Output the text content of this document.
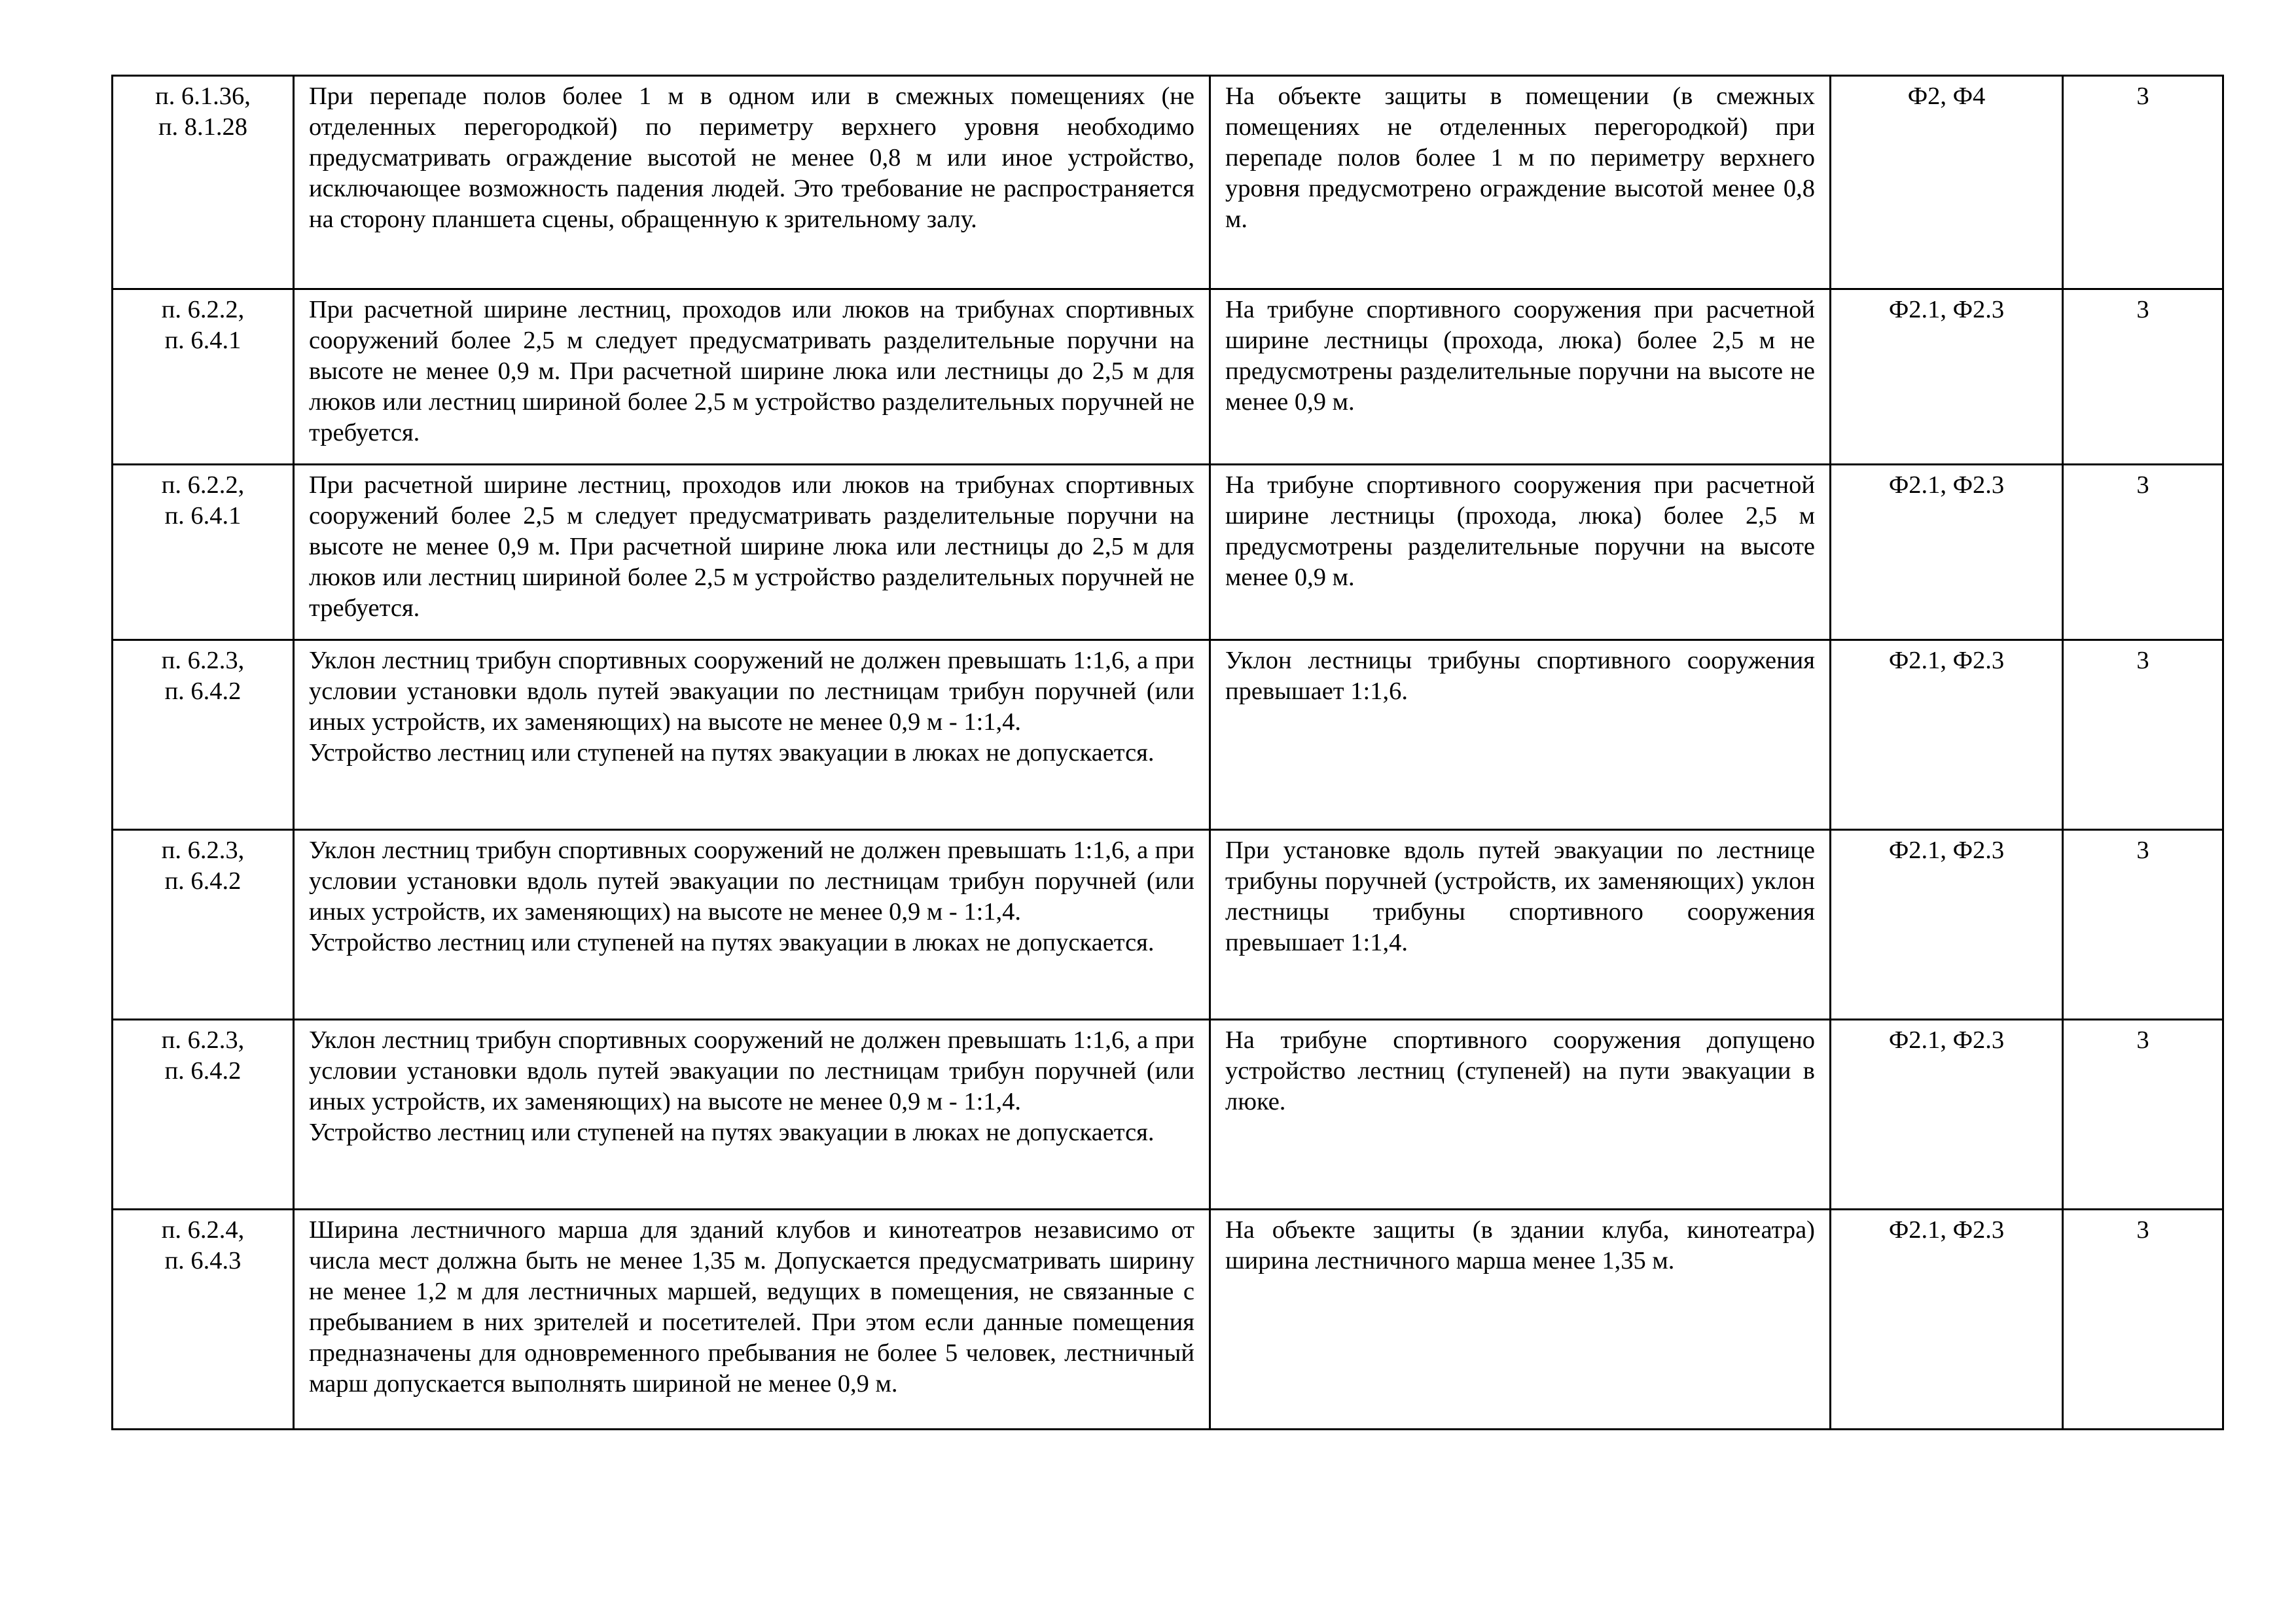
п. 6.1.36,
п. 8.1.28	При перепаде полов более 1 м в одном или в смежных помещениях (не отделенных перегородкой) по периметру верхнего уровня необходимо предусматривать ограждение высотой не менее 0,8 м или иное устройство, исключающее возможность падения людей. Это требование не распространяется на сторону планшета сцены, обращенную к зрительному залу.	На объекте защиты в помещении (в смежных помещениях не отделенных перегородкой) при перепаде полов более 1 м по периметру верхнего уровня предусмотрено ограждение высотой менее 0,8 м.	Ф2, Ф4	3

п. 6.2.2,
п. 6.4.1	При расчетной ширине лестниц, проходов или люков на трибунах спортивных сооружений более 2,5 м следует предусматривать разделительные поручни на высоте не менее 0,9 м. При расчетной ширине люка или лестницы до 2,5 м для люков или лестниц шириной более 2,5 м устройство разделительных поручней не требуется.	На трибуне спортивного сооружения при расчетной ширине лестницы (прохода, люка) более 2,5 м не предусмотрены разделительные поручни на высоте не менее 0,9 м.	Ф2.1, Ф2.3	3

п. 6.2.2,
п. 6.4.1	При расчетной ширине лестниц, проходов или люков на трибунах спортивных сооружений более 2,5 м следует предусматривать разделительные поручни на высоте не менее 0,9 м. При расчетной ширине люка или лестницы до 2,5 м для люков или лестниц шириной более 2,5 м устройство разделительных поручней не требуется.	На трибуне спортивного сооружения при расчетной ширине лестницы (прохода, люка) более 2,5 м предусмотрены разделительные поручни на высоте менее 0,9 м.	Ф2.1, Ф2.3	3

п. 6.2.3,
п. 6.4.2	Уклон лестниц трибун спортивных сооружений не должен превышать 1:1,6, а при условии установки вдоль путей эвакуации по лестницам трибун поручней (или иных устройств, их заменяющих) на высоте не менее 0,9 м - 1:1,4.
Устройство лестниц или ступеней на путях эвакуации в люках не допускается.	Уклон лестницы трибуны спортивного сооружения превышает 1:1,6.	Ф2.1, Ф2.3	3

п. 6.2.3,
п. 6.4.2	Уклон лестниц трибун спортивных сооружений не должен превышать 1:1,6, а при условии установки вдоль путей эвакуации по лестницам трибун поручней (или иных устройств, их заменяющих) на высоте не менее 0,9 м - 1:1,4.
Устройство лестниц или ступеней на путях эвакуации в люках не допускается.	При установке вдоль путей эвакуации по лестнице трибуны поручней (устройств, их заменяющих) уклон лестницы трибуны спортивного сооружения превышает 1:1,4.	Ф2.1, Ф2.3	3

п. 6.2.3,
п. 6.4.2	Уклон лестниц трибун спортивных сооружений не должен превышать 1:1,6, а при условии установки вдоль путей эвакуации по лестницам трибун поручней (или иных устройств, их заменяющих) на высоте не менее 0,9 м - 1:1,4.
Устройство лестниц или ступеней на путях эвакуации в люках не допускается.	На трибуне спортивного сооружения допущено устройство лестниц (ступеней) на пути эвакуации в люке.	Ф2.1, Ф2.3	3

п. 6.2.4,
п. 6.4.3	Ширина лестничного марша для зданий клубов и кинотеатров независимо от числа мест должна быть не менее 1,35 м. Допускается предусматривать ширину не менее 1,2 м для лестничных маршей, ведущих в помещения, не связанные с пребыванием в них зрителей и посетителей. При этом если данные помещения предназначены для одновременного пребывания не более 5 человек, лестничный марш допускается выполнять шириной не менее 0,9 м.	На объекте защиты (в здании клуба, кинотеатра) ширина лестничного марша менее 1,35 м.	Ф2.1, Ф2.3	3
